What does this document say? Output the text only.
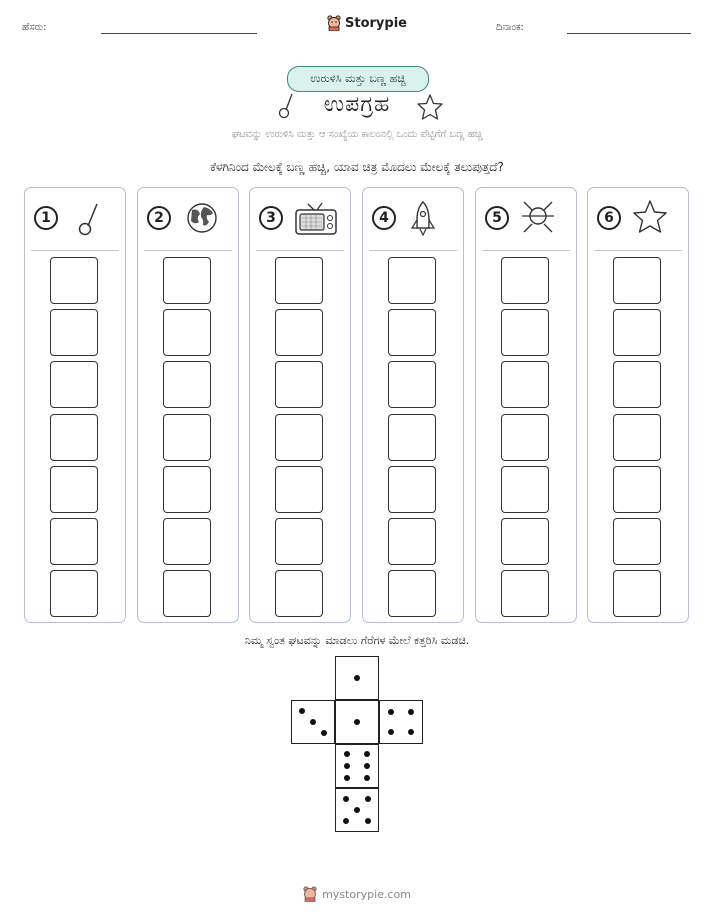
ಹೆಸರು:	Storypie	ದಿನಾಂಕ:
ಉರುಳಿಸಿ ಮತ್ತು ಬಣ್ಣ ಹಚ್ಚಿ
ಉಪಗ್ರಹ
ಘಟವನ್ನು ಉರುಳಿಸಿ ಮತ್ತು ಆ ಸಂಖ್ಯೆಯ ಕಾಲಂನಲ್ಲಿ ಒಂದು ಪೆಟ್ಟಿಗೆಗೆ ಬಣ್ಣ ಹಚ್ಚಿ
ಕೆಳಗಿನಿಂದ ಮೇಲಕ್ಕೆ ಬಣ್ಣ ಹಚ್ಚಿ, ಯಾವ ಚಿತ್ರ ಮೊದಲು ಮೇಲಕ್ಕೆ ತಲುಪುತ್ತದೆ?
1	2	3	4	5	6
ನಿಮ್ಮ ಸ್ವಂತ ಘಟವನ್ನು ಮಾಡಲು ಗೆರೆಗಳ ಮೇಲೆ ಕತ್ತರಿಸಿ ಮಡಚಿ.
mystorypie.com
